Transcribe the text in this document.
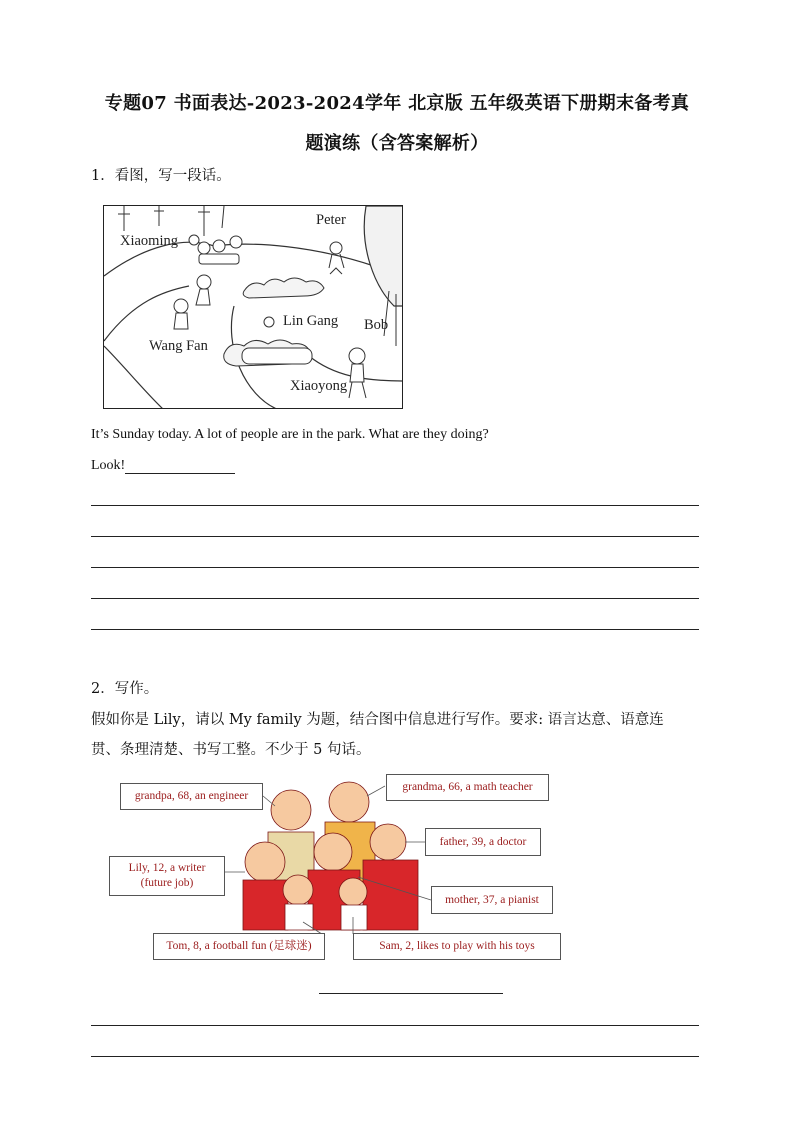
专题07 书面表达-2023-2024学年 北京版 五年级英语下册期末备考真
题演练（含答案解析）
1．看图，写一段话。
Peter
Xiaoming
Lin Gang Bob
Wang Fan
Xiaoyong
It’s Sunday today. A lot of people are in the park. What are they doing?
Look!
2．写作。
假如你是 Lily，请以 My family 为题，结合图中信息进行写作。要求: 语言达意、语意连
贯、条理清楚、书写工整。不少于 5 句话。
grandpa, 68, an engineer
grandma, 66, a math teacher
father, 39, a doctor
Lily, 12, a writer
(future job)
mother, 37, a pianist
Tom, 8, a football fun (足球迷)	Sam, 2, likes to play with his toys
